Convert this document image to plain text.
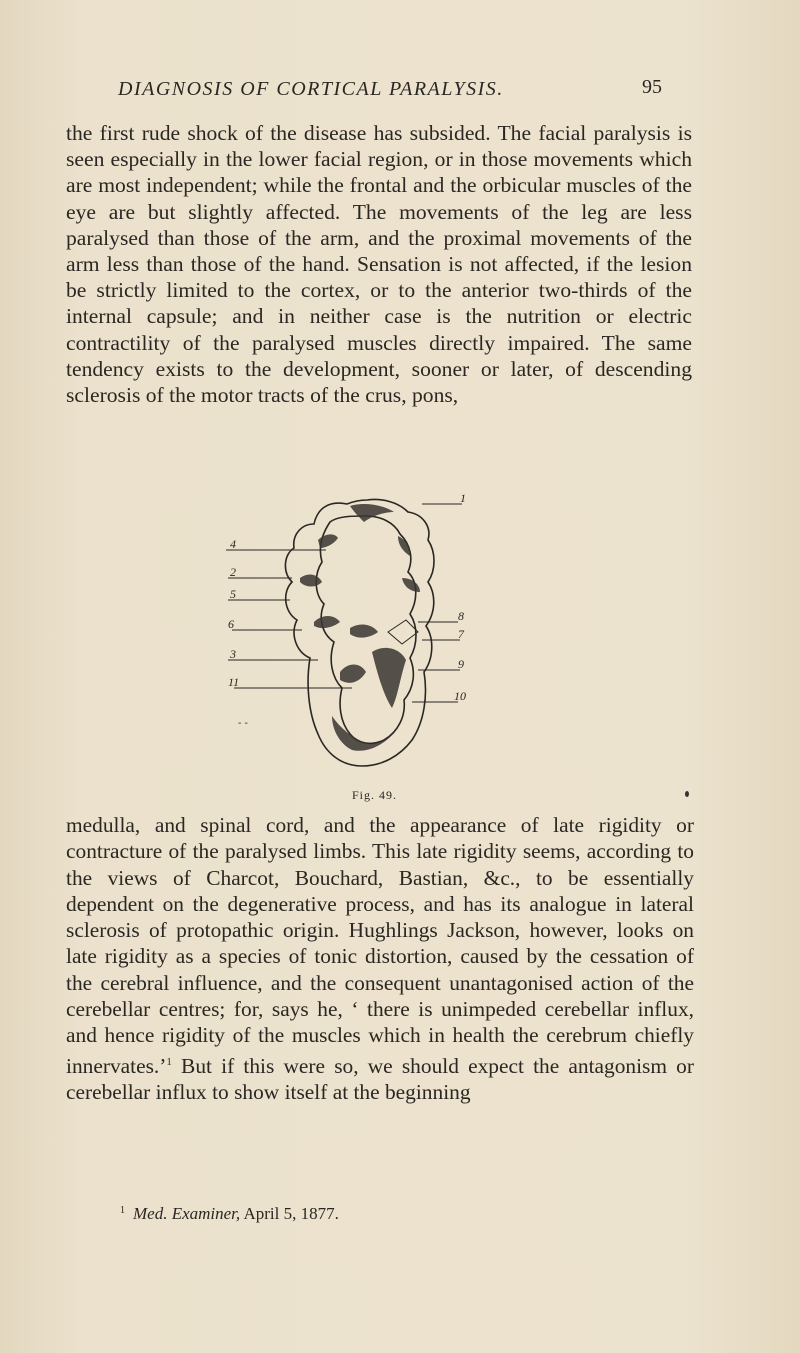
DIAGNOSIS OF CORTICAL PARALYSIS.	95
the first rude shock of the disease has subsided. The facial paralysis is seen especially in the lower facial region, or in those movements which are most independent; while the frontal and the orbicular muscles of the eye are but slightly affected. The movements of the leg are less paralysed than those of the arm, and the proximal movements of the arm less than those of the hand. Sensation is not affected, if the lesion be strictly limited to the cortex, or to the anterior two-thirds of the internal capsule; and in neither case is the nutrition or electric contractility of the paralysed muscles directly impaired. The same tendency exists to the development, sooner or later, of descending sclerosis of the motor tracts of the crus, pons,
4
2
5
6
3
11
1
8
7
9
10
- -
Fig. 49.
medulla, and spinal cord, and the appearance of late rigidity or contracture of the paralysed limbs. This late rigidity seems, according to the views of Charcot, Bouchard, Bastian, &c., to be essentially dependent on the degenerative process, and has its analogue in lateral sclerosis of protopathic origin. Hughlings Jackson, however, looks on late rigidity as a species of tonic distortion, caused by the cessation of the cerebral influence, and the consequent unantagonised action of the cerebellar centres; for, says he, ‘ there is unimpeded cerebellar influx, and hence rigidity of the muscles which in health the cerebrum chiefly innervates.’$^1$ But if this were so, we should expect the antagonism or cerebellar influx to show itself at the beginning
$^1$ Med. Examiner, April 5, 1877.
